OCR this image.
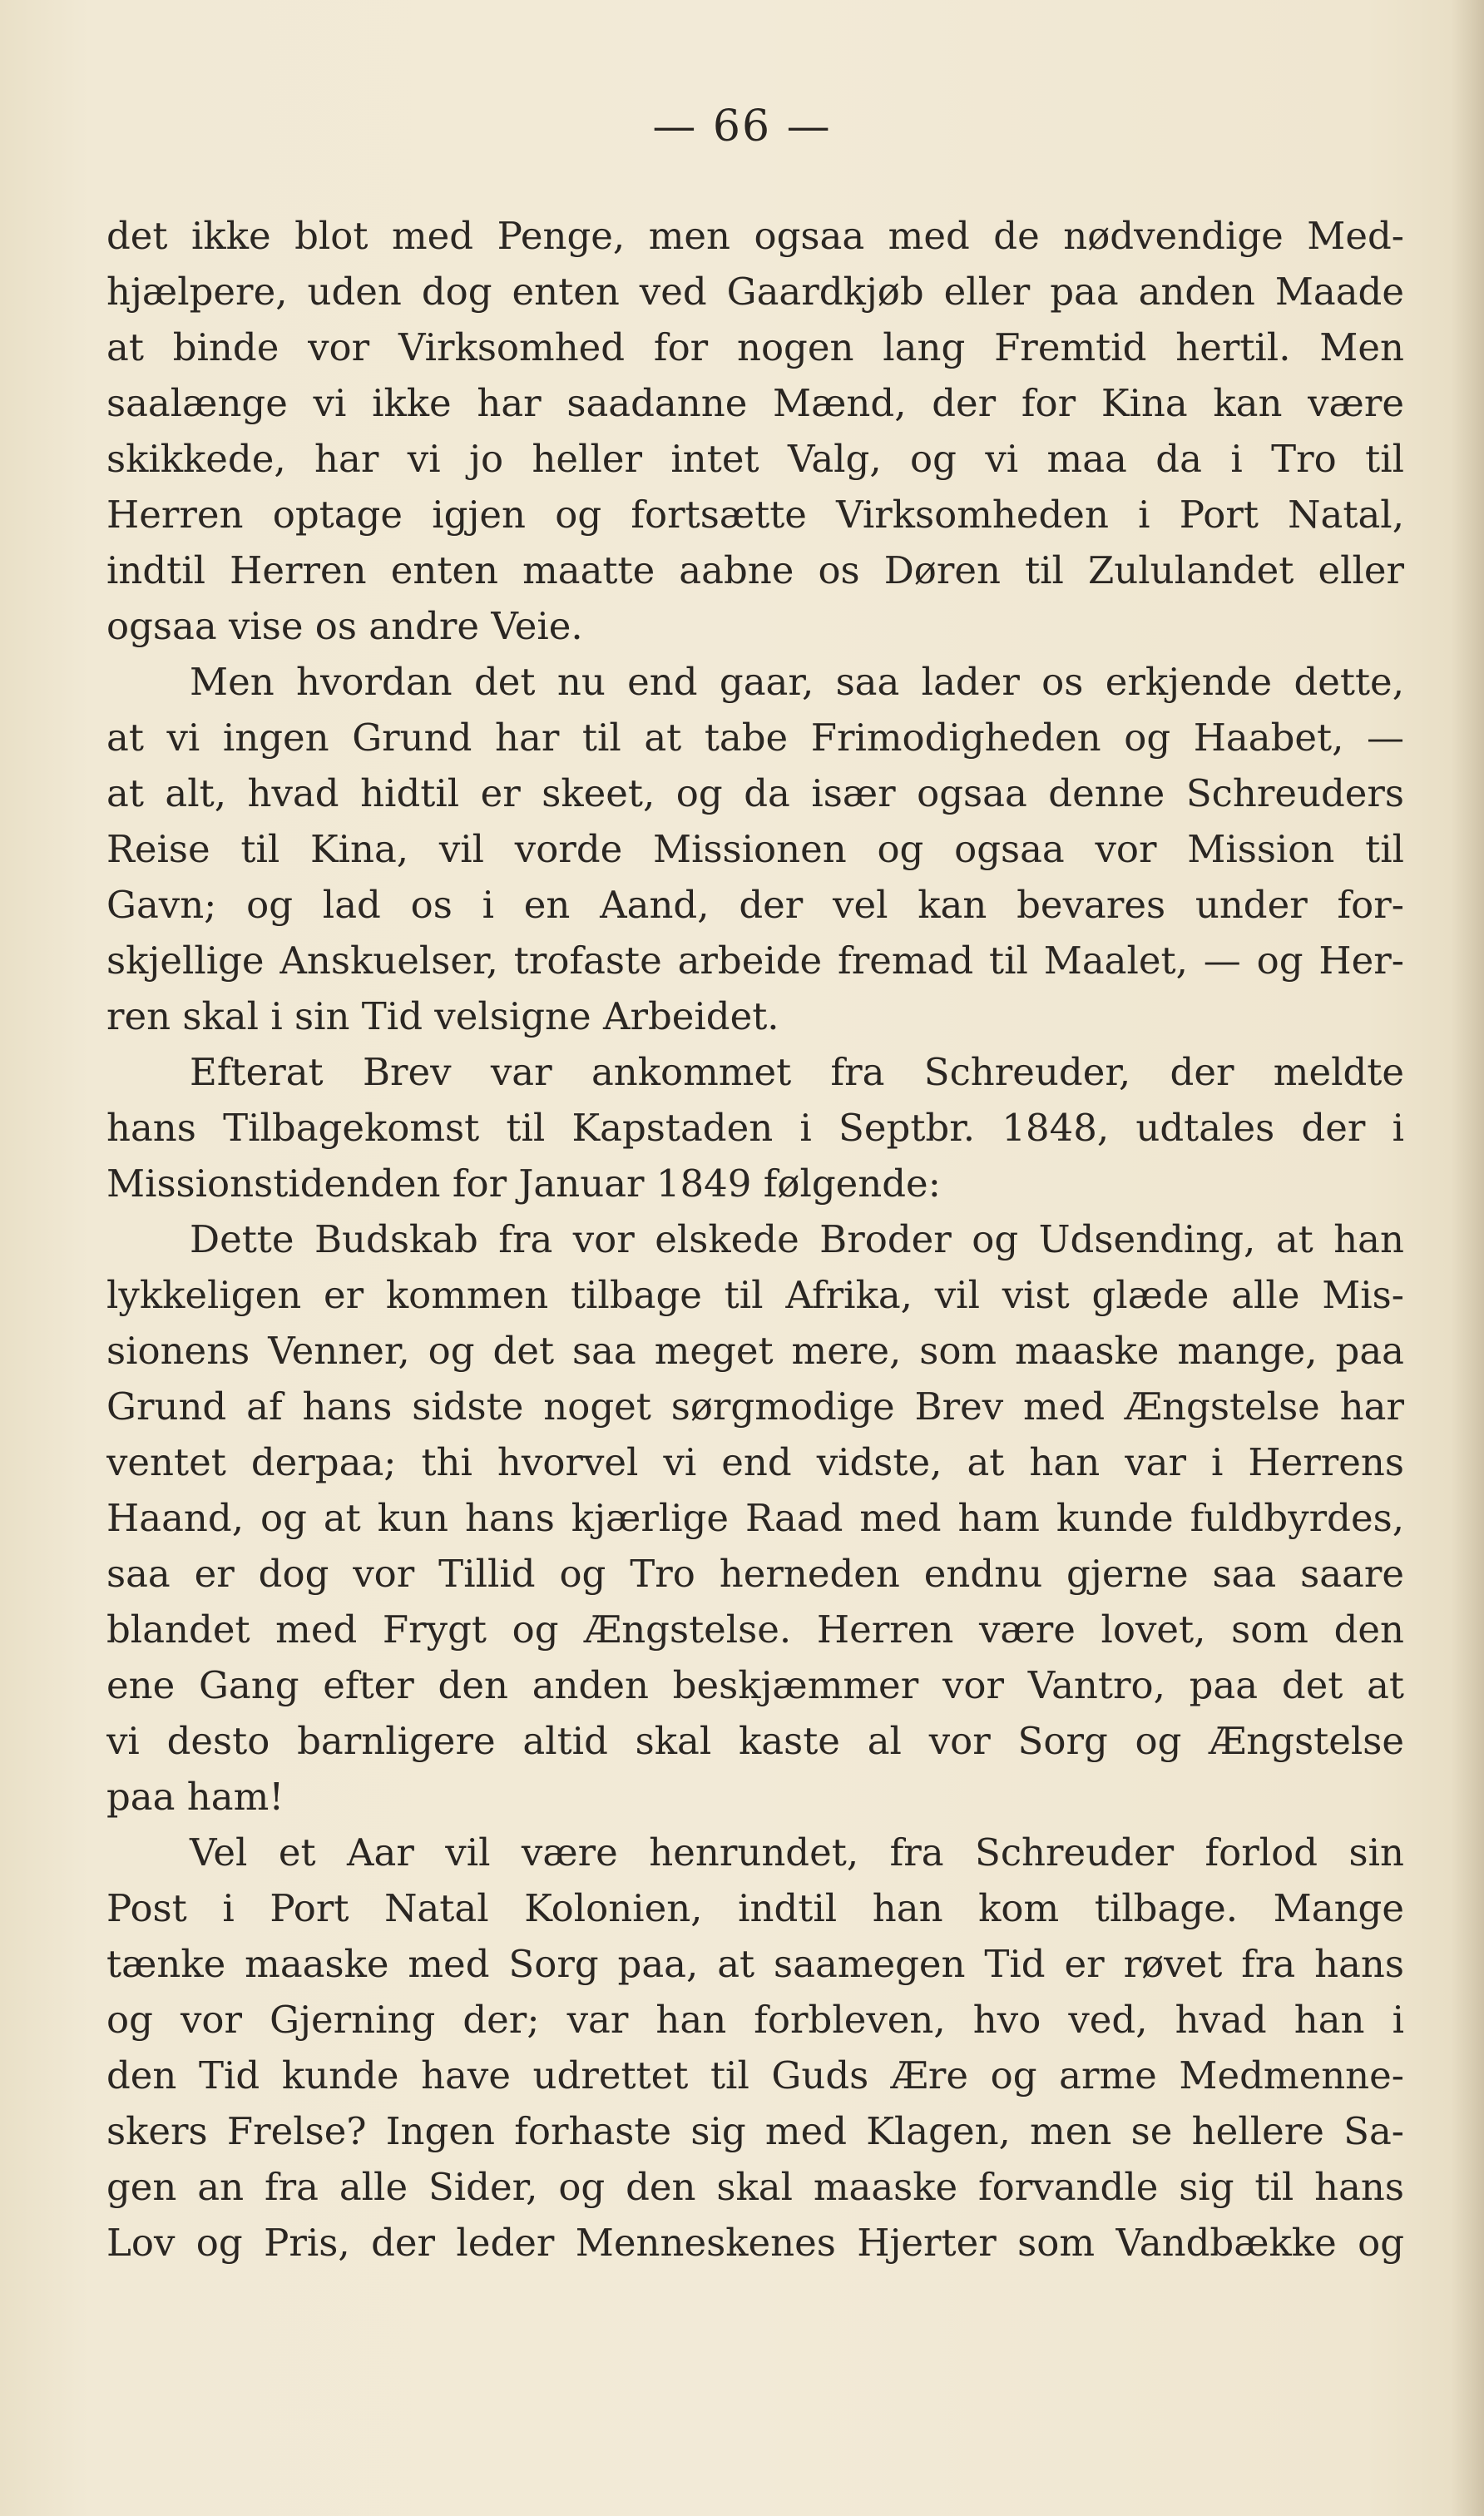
— 66 —
det ikke blot med Penge, men ogsaa med de nødvendige Med-
hjælpere, uden dog enten ved Gaardkjøb eller paa anden Maade
at binde vor Virksomhed for nogen lang Fremtid hertil. Men
saalænge vi ikke har saadanne Mænd, der for Kina kan være
skikkede, har vi jo heller intet Valg, og vi maa da i Tro til
Herren optage igjen og fortsætte Virksomheden i Port Natal,
indtil Herren enten maatte aabne os Døren til Zululandet eller
ogsaa vise os andre Veie.
Men hvordan det nu end gaar, saa lader os erkjende dette,
at vi ingen Grund har til at tabe Frimodigheden og Haabet, —
at alt, hvad hidtil er skeet, og da især ogsaa denne Schreuders
Reise til Kina, vil vorde Missionen og ogsaa vor Mission til
Gavn; og lad os i en Aand, der vel kan bevares under for-
skjellige Anskuelser, trofaste arbeide fremad til Maalet, — og Her-
ren skal i sin Tid velsigne Arbeidet.
Efterat Brev var ankommet fra Schreuder, der meldte
hans Tilbagekomst til Kapstaden i Septbr. 1848, udtales der i
Missionstidenden for Januar 1849 følgende:
Dette Budskab fra vor elskede Broder og Udsending, at han
lykkeligen er kommen tilbage til Afrika, vil vist glæde alle Mis-
sionens Venner, og det saa meget mere, som maaske mange, paa
Grund af hans sidste noget sørgmodige Brev med Ængstelse har
ventet derpaa; thi hvorvel vi end vidste, at han var i Herrens
Haand, og at kun hans kjærlige Raad med ham kunde fuldbyrdes,
saa er dog vor Tillid og Tro herneden endnu gjerne saa saare
blandet med Frygt og Ængstelse. Herren være lovet, som den
ene Gang efter den anden beskjæmmer vor Vantro, paa det at
vi desto barnligere altid skal kaste al vor Sorg og Ængstelse
paa ham!
Vel et Aar vil være henrundet, fra Schreuder forlod sin
Post i Port Natal Kolonien, indtil han kom tilbage. Mange
tænke maaske med Sorg paa, at saamegen Tid er røvet fra hans
og vor Gjerning der; var han forbleven, hvo ved, hvad han i
den Tid kunde have udrettet til Guds Ære og arme Medmenne-
skers Frelse? Ingen forhaste sig med Klagen, men se hellere Sa-
gen an fra alle Sider, og den skal maaske forvandle sig til hans
Lov og Pris, der leder Menneskenes Hjerter som Vandbække og
